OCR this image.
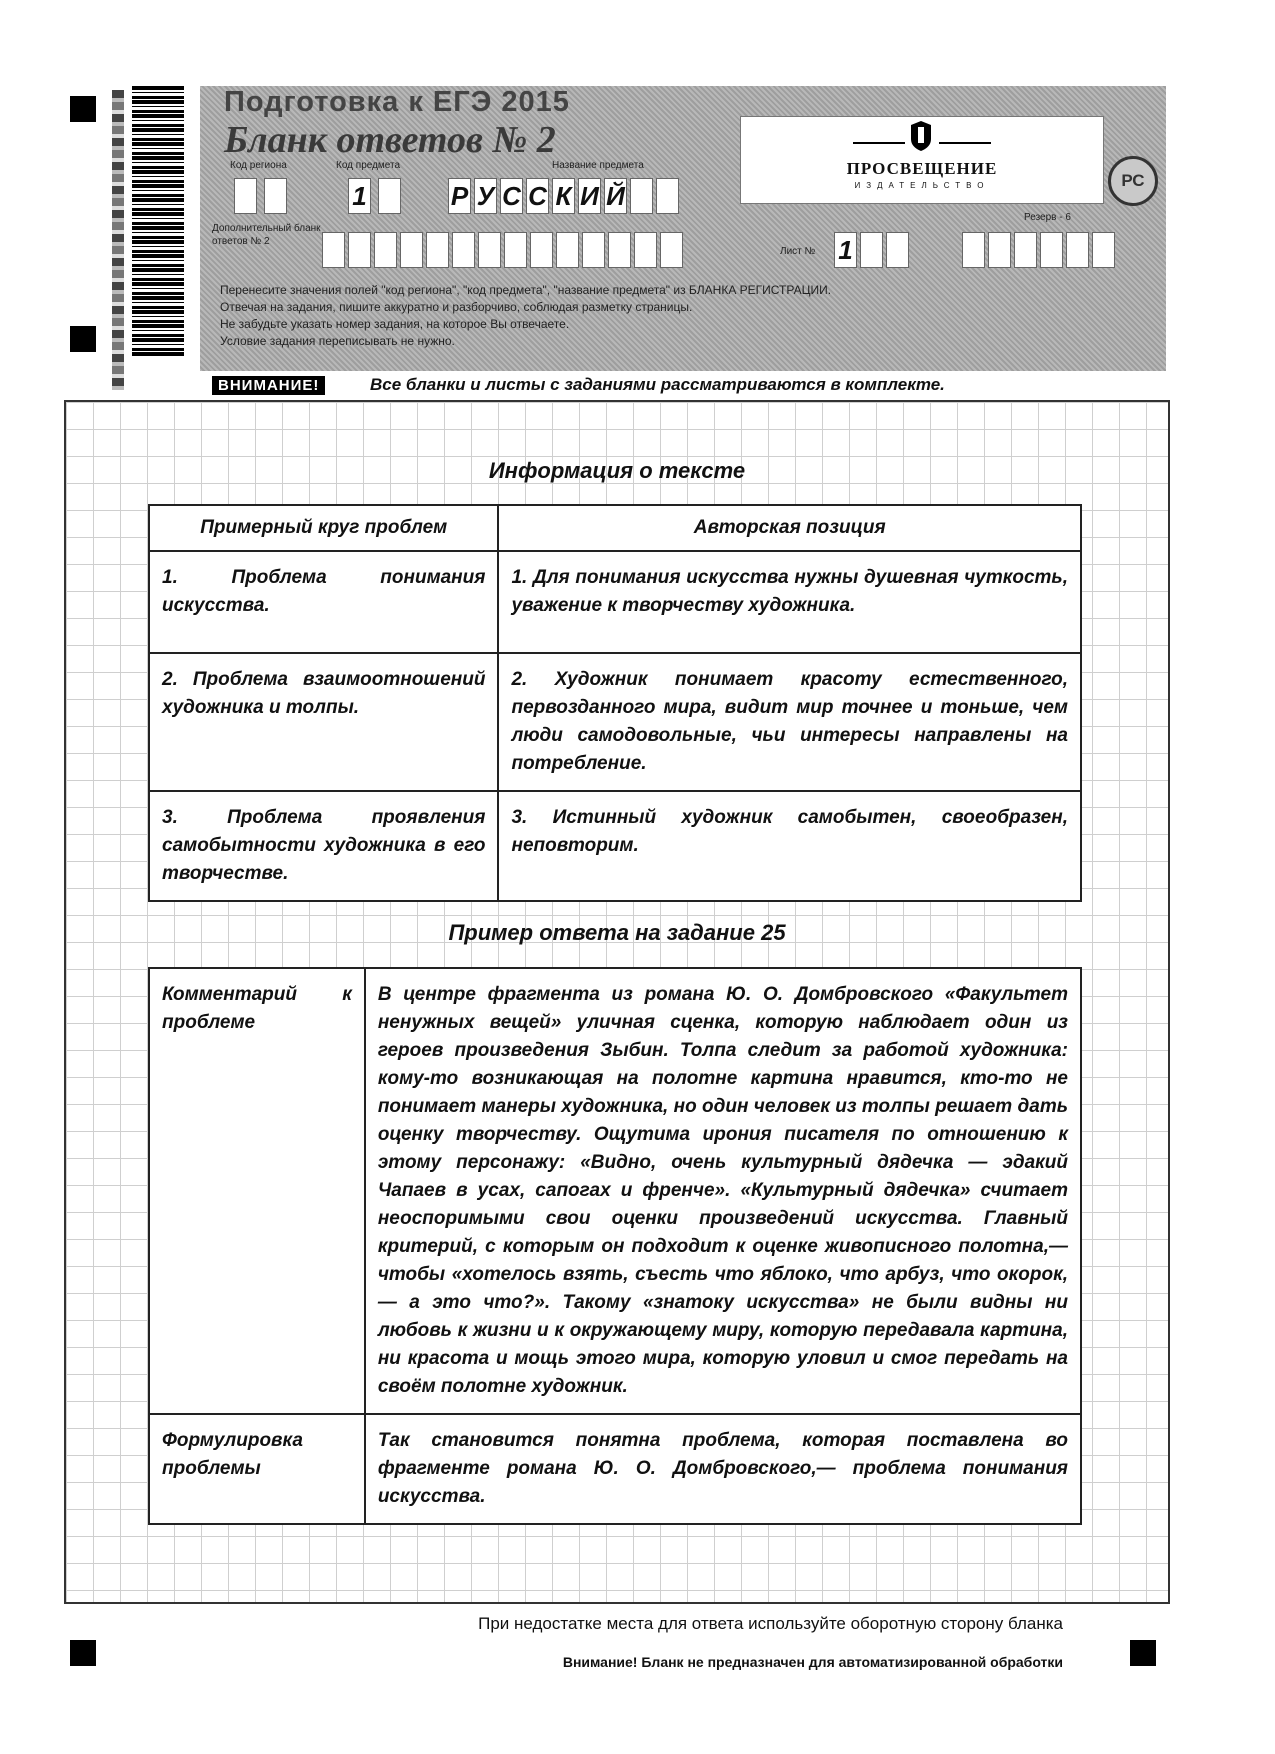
Подготовка к ЕГЭ 2015
Бланк ответов № 2
ПРОСВЕЩЕНИЕ
ИЗДАТЕЛЬСТВО	РС
Код региона	Код предмета	Название предмета
1	Р У С С К И Й
Дополнительный бланк ответов № 2
Лист № 1
Резерв - 6
Перенесите значения полей "код региона", "код предмета", "название предмета" из БЛАНКА РЕГИСТРАЦИИ.
Отвечая на задания, пишите аккуратно и разборчиво, соблюдая разметку страницы.
Не забудьте указать номер задания, на которое Вы отвечаете.
Условие задания переписывать не нужно.
ВНИМАНИЕ!	Все бланки и листы с заданиями рассматриваются в комплекте.
Информация о тексте
Примерный круг проблем	Авторская позиция
1. Проблема понимания искусства.	1. Для понимания искусства нужны душевная чуткость, уважение к творчеству художника.
2. Проблема взаимоотношений художника и толпы.	2. Художник понимает красоту естественного, первозданного мира, видит мир точнее и тоньше, чем люди самодовольные, чьи интересы направлены на потребление.
3. Проблема проявления самобытности художника в его творчестве.	3. Истинный художник самобытен, своеобразен, неповторим.
Пример ответа на задание 25
Комментарий к проблеме	В центре фрагмента из романа Ю. О. Домбровского «Факультет ненужных вещей» уличная сценка, которую наблюдает один из героев произведения Зыбин. Толпа следит за работой художника: кому-то возникающая на полотне картина нравится, кто-то не понимает манеры художника, но один человек из толпы решает дать оценку творчеству. Ощутима ирония писателя по отношению к этому персонажу: «Видно, очень культурный дядечка — эдакий Чапаев в усах, сапогах и френче». «Культурный дядечка» считает неоспоримыми свои оценки произведений искусства. Главный критерий, с которым он подходит к оценке живописного полотна,— чтобы «хотелось взять, съесть что яблоко, что арбуз, что окорок,— а это что?». Такому «знатоку искусства» не были видны ни любовь к жизни и к окружающему миру, которую передавала картина, ни красота и мощь этого мира, которую уловил и смог передать на своём полотне художник.
Формулировка проблемы	Так становится понятна проблема, которая поставлена во фрагменте романа Ю. О. Домбровского,— проблема понимания искусства.
При недостатке места для ответа используйте оборотную сторону бланка
Внимание! Бланк не предназначен для автоматизированной обработки
